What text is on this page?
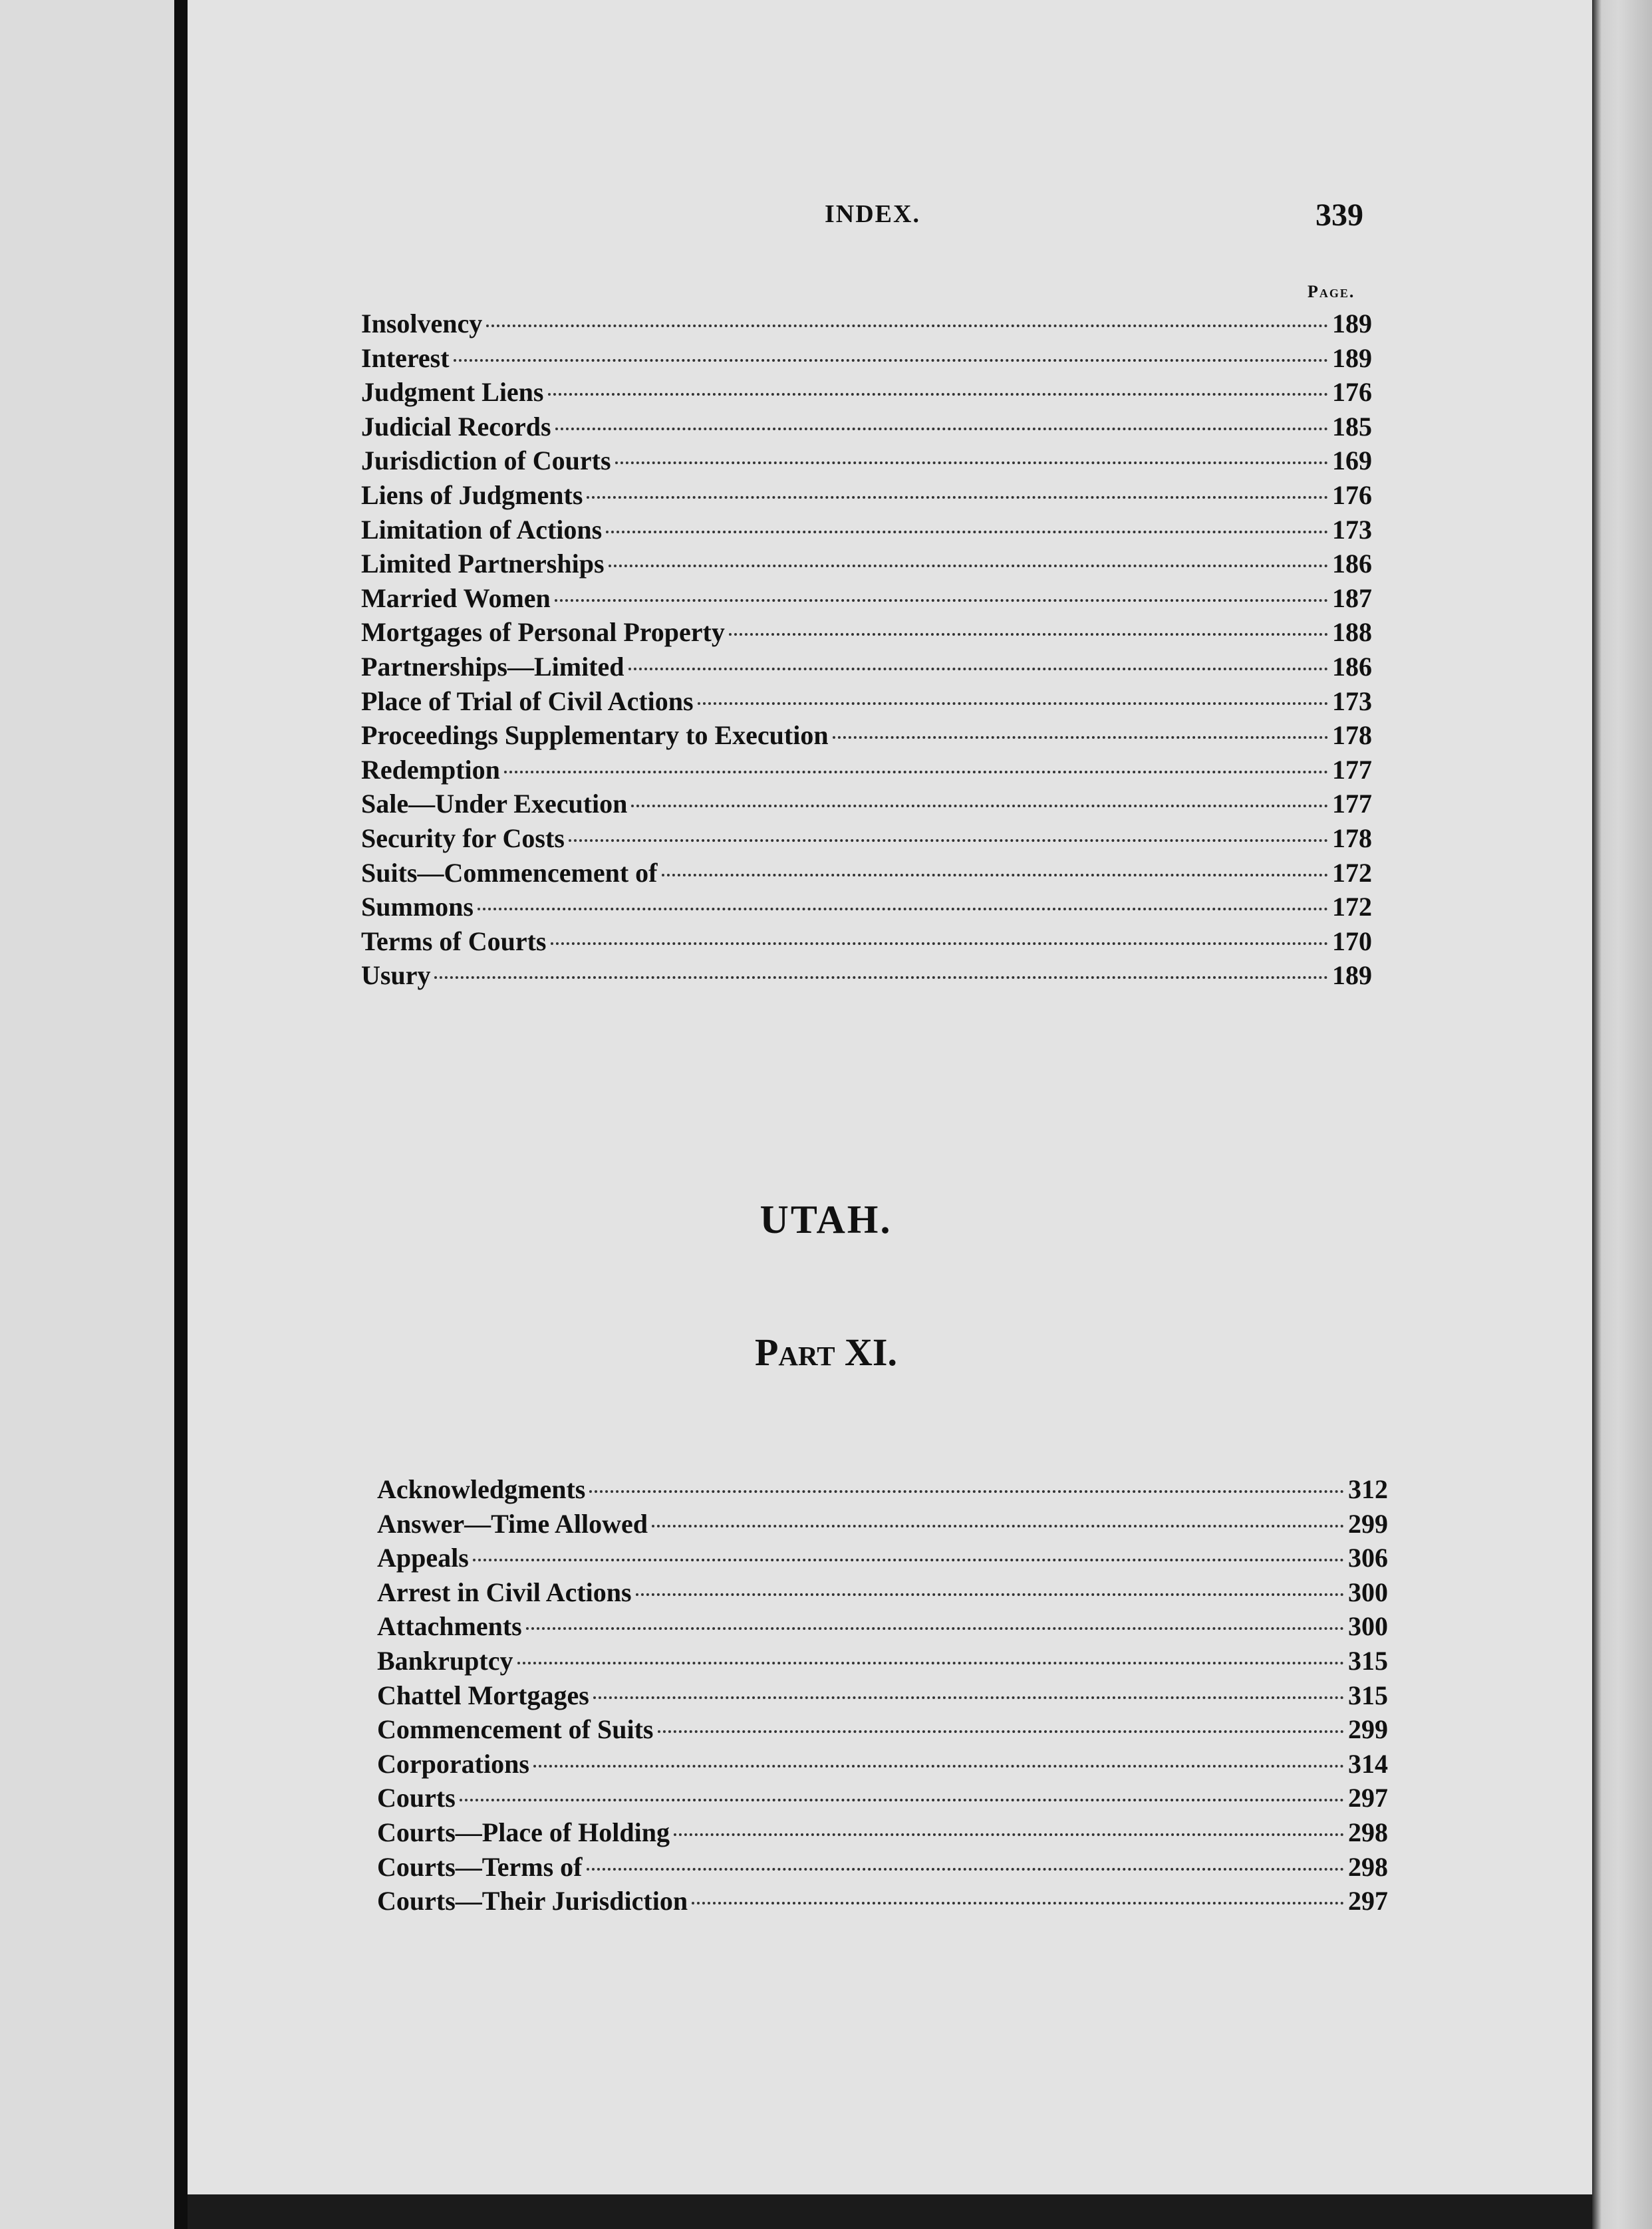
INDEX.	339
Page.
Insolvency	189
Interest	189
Judgment Liens	176
Judicial Records	185
Jurisdiction of Courts	169
Liens of Judgments	176
Limitation of Actions	173
Limited Partnerships	186
Married Women	187
Mortgages of Personal Property	188
Partnerships—Limited	186
Place of Trial of Civil Actions	173
Proceedings Supplementary to Execution	178
Redemption	177
Sale—Under Execution	177
Security for Costs	178
Suits—Commencement of	172
Summons	172
Terms of Courts	170
Usury	189
UTAH.
Part XI.
Acknowledgments	312
Answer—Time Allowed	299
Appeals	306
Arrest in Civil Actions	300
Attachments	300
Bankruptcy	315
Chattel Mortgages	315
Commencement of Suits	299
Corporations	314
Courts	297
Courts—Place of Holding	298
Courts—Terms of	298
Courts—Their Jurisdiction	297
